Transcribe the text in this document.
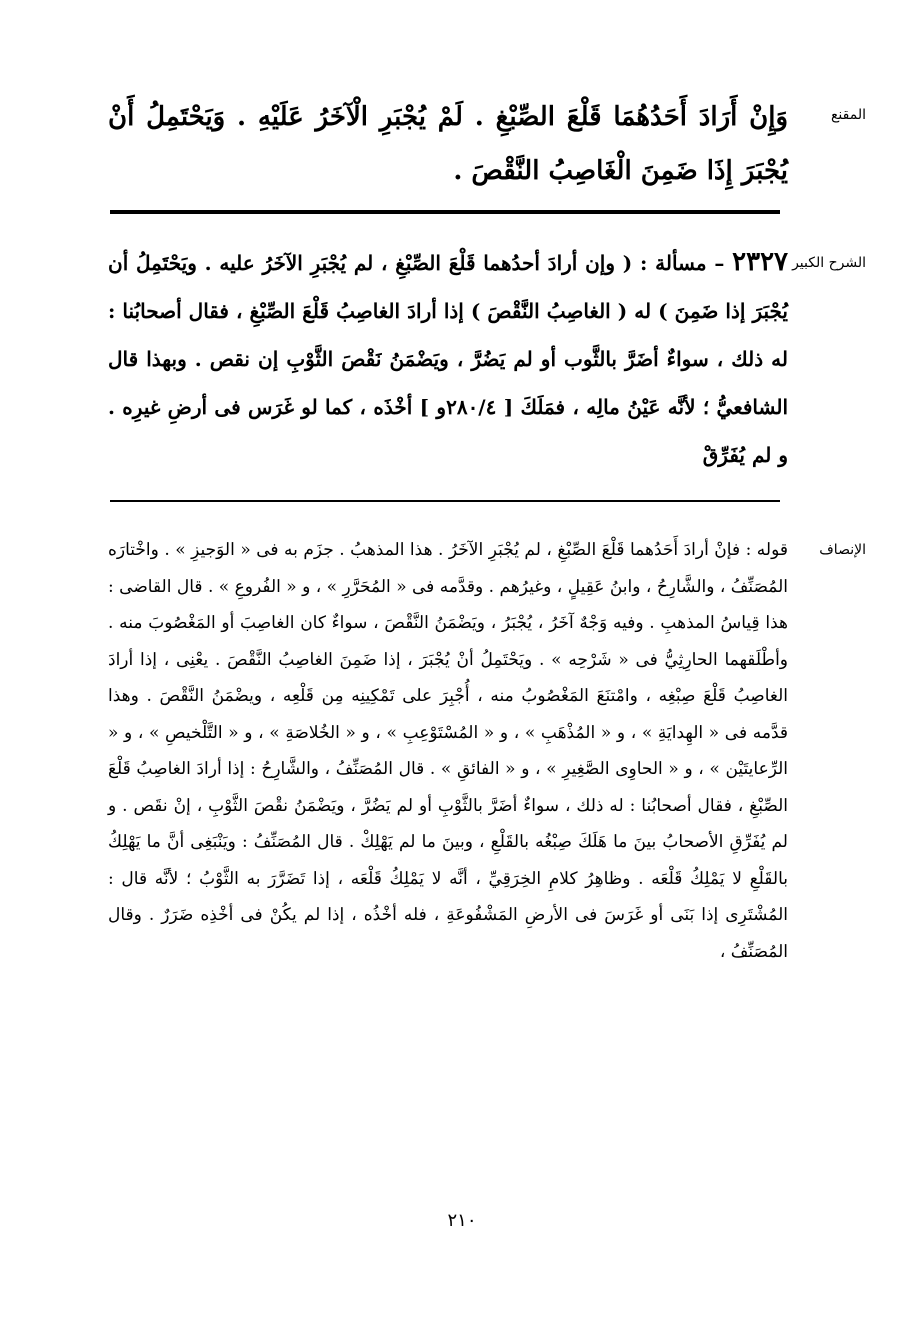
المقنع
وَإِنْ أَرَادَ أَحَدُهُمَا قَلْعَ الصِّبْغِ . لَمْ يُجْبَرِ الْآخَرُ عَلَيْهِ . وَيَحْتَمِلُ أَنْ يُجْبَرَ إِذَا ضَمِنَ الْغَاصِبُ النَّقْصَ .
الشرح الكبير
٢٣٢٧ – مسألة : ( وإن أرادَ أحدُهما قَلْعَ الصِّبْغِ ، لم يُجْبَرِ الآخَرُ عليه . ويَحْتَمِلُ أن يُجْبَرَ إذا ضَمِنَ ) له ( الغاصِبُ النَّقْصَ ) إذا أرادَ الغاصِبُ قَلْعَ الصِّبْغِ ، فقال أصحابُنا : له ذلك ، سواءٌ أضَرَّ بالثَّوب أو لم يَضُرَّ ، ويَضْمَنُ نَقْصَ الثَّوْبِ إن نقص . وبهذا قال الشافعيُّ ؛ لأنَّه عَيْنُ مالِه ، فمَلَكَ [ ٢٨٠/٤و ] أخْذَه ، كما لو غَرَس فى أرضِ غيرِه . و لم يُفَرِّقْ
الإنصاف
قوله : فإنْ أرادَ أَحَدُهما قَلْعَ الصِّبْغِ ، لم يُجْبَرِ الآخَرُ . هذا المذهبُ . جزَم به فى « الوَجيزِ » . واخْتارَه المُصَنِّفُ ، والشَّارِحُ ، وابنُ عَقِيلٍ ، وغيرُهم . وقدَّمه فى « المُحَرَّرِ » ، و « الفُروعِ » . قال القاضى : هذا قِياسُ المذهبِ . وفيه وَجْهٌ آخَرُ ، يُجْبَرُ ، ويَضْمَنُ النَّقْصَ ، سواءٌ كان الغاصِبَ أو المَغْصُوبَ منه . وأطْلَقهما الحارِثِيُّ فى « شَرْحِه » . ويَحْتَمِلُ أنْ يُجْبَرَ ، إذا ضَمِنَ الغاصِبُ النَّقْصَ . يعْنِى ، إذا أرادَ الغاصِبُ قَلْعَ صِبْغِه ، وامْتنَعَ المَغْصُوبُ منه ، أُجْبِرَ على تَمْكِينِه مِن قَلْعِه ، ويضْمَنُ النَّقْصَ . وهذا قدَّمه فى « الهِدايَةِ » ، و « المُذْهَبِ » ، و « المُسْتَوْعِبِ » ، و « الخُلاصَةِ » ، و « التَّلْخيصِ » ، و « الرِّعايتَيْن » ، و « الحاوِى الصَّغِيرِ » ، و « الفائقِ » . قال المُصَنِّفُ ، والشَّارِحُ : إذا أرادَ الغاصِبُ قَلْعَ الصِّبْغِ ، فقال أصحابُنا : له ذلك ، سواءٌ أضَرَّ بالثَّوْبِ أو لم يَضُرَّ ، ويَضْمَنُ نقْصَ الثَّوْبِ ، إنْ نقَص . و لم يُفَرِّقِ الأصحابُ بينَ ما هَلَكَ صِبْغُه بالقَلْعِ ، وبينَ ما لم يَهْلِكْ . قال المُصَنِّفُ : ويَنْبَغِى أنَّ ما يَهْلِكُ بالقَلْعِ لا يَمْلِكُ قَلْعَه . وظاهِرُ كلامِ الخِرَقِيِّ ، أنَّه لا يَمْلِكُ قَلْعَه ، إذا تَضَرَّرَ به الثَّوْبُ ؛ لأنَّه قال : المُشْتَرِى إذا بَنَى أو غَرَسَ فى الأرضِ المَشْفُوعَةِ ، فله أخْذُه ، إذا لم يكُنْ فى أخْذِه ضَرَرٌ . وقال المُصَنِّفُ ،
٢١٠
